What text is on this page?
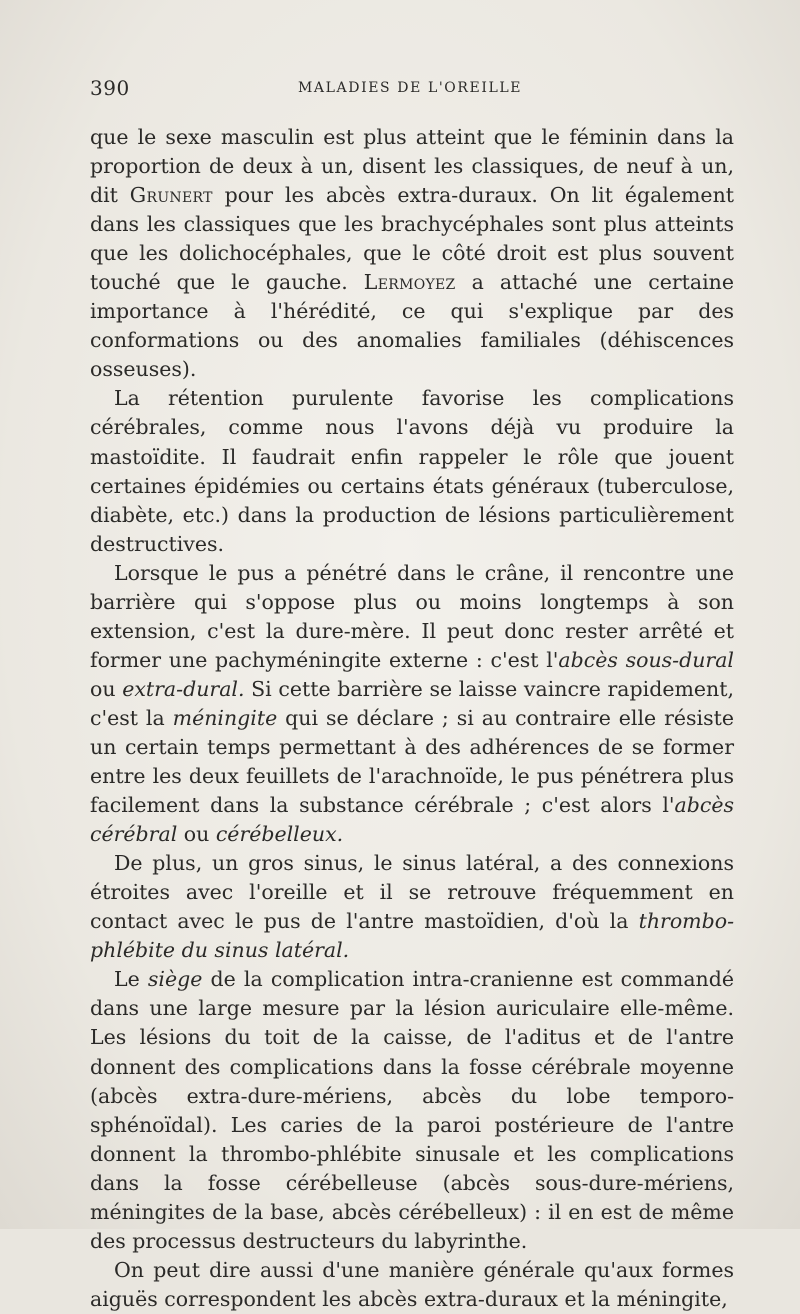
390	MALADIES DE L'OREILLE

que le sexe masculin est plus atteint que le féminin dans la proportion de deux à un, disent les classiques, de neuf à un, dit Grunert pour les abcès extra-duraux. On lit également dans les classiques que les brachycéphales sont plus atteints que les dolichocéphales, que le côté droit est plus souvent touché que le gauche. Lermoyez a attaché une certaine importance à l'hérédité, ce qui s'explique par des conformations ou des anomalies familiales (déhiscences osseuses).

La rétention purulente favorise les complications cérébrales, comme nous l'avons déjà vu produire la mastoïdite. Il faudrait enfin rappeler le rôle que jouent certaines épidémies ou certains états généraux (tuberculose, diabète, etc.) dans la production de lésions particulièrement destructives.

Lorsque le pus a pénétré dans le crâne, il rencontre une barrière qui s'oppose plus ou moins longtemps à son extension, c'est la dure-mère. Il peut donc rester arrêté et former une pachyméningite externe : c'est l'abcès sous-dural ou extra-dural. Si cette barrière se laisse vaincre rapidement, c'est la méningite qui se déclare ; si au contraire elle résiste un certain temps permettant à des adhérences de se former entre les deux feuillets de l'arachnoïde, le pus pénétrera plus facilement dans la substance cérébrale ; c'est alors l'abcès cérébral ou cérébelleux.

De plus, un gros sinus, le sinus latéral, a des connexions étroites avec l'oreille et il se retrouve fréquemment en contact avec le pus de l'antre mastoïdien, d'où la thrombo-phlébite du sinus latéral.

Le siège de la complication intra-cranienne est commandé dans une large mesure par la lésion auriculaire elle-même. Les lésions du toit de la caisse, de l'aditus et de l'antre donnent des complications dans la fosse cérébrale moyenne (abcès extra-dure-mériens, abcès du lobe temporo-sphénoïdal). Les caries de la paroi postérieure de l'antre donnent la thrombo-phlébite sinusale et les complications dans la fosse cérébelleuse (abcès sous-dure-mériens, méningites de la base, abcès cérébelleux) : il en est de même des processus destructeurs du labyrinthe.

On peut dire aussi d'une manière générale qu'aux formes aiguës correspondent les abcès extra-duraux et la méningite,
